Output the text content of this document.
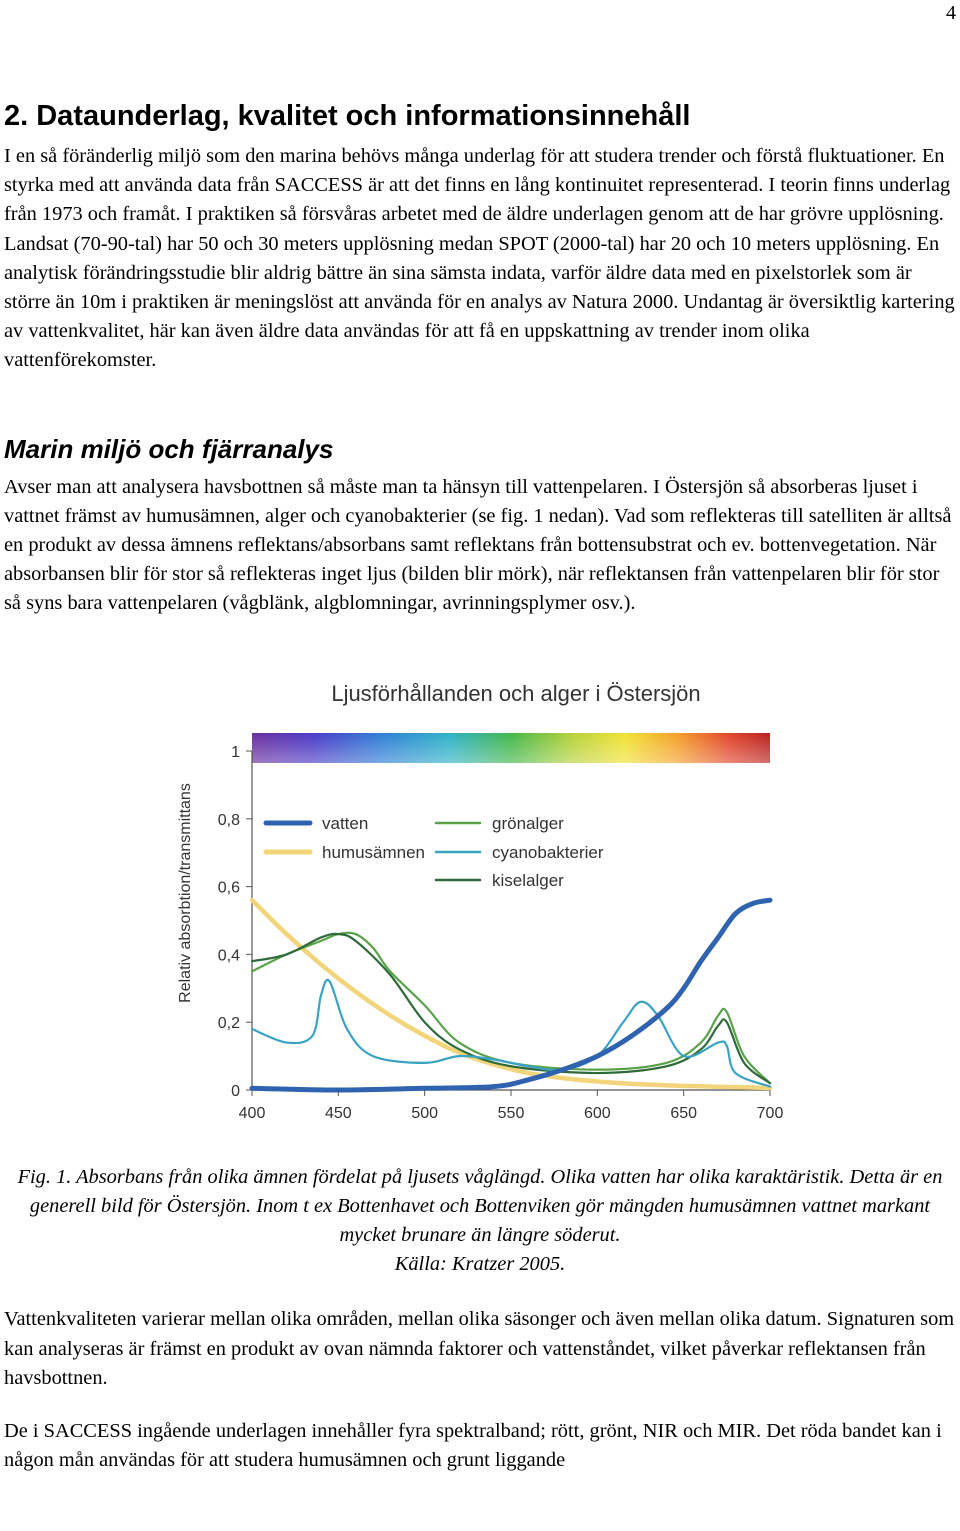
4
2. Dataunderlag, kvalitet och informationsinnehåll

I en så föränderlig miljö som den marina behövs många underlag för att studera trender och förstå fluktuationer. En styrka med att använda data från SACCESS är att det finns en lång kontinuitet representerad. I teorin finns underlag från 1973 och framåt. I praktiken så försvåras arbetet med de äldre underlagen genom att de har grövre upplösning. Landsat (70-90-tal) har 50 och 30 meters upplösning medan SPOT (2000-tal) har 20 och 10 meters upplösning. En analytisk förändringsstudie blir aldrig bättre än sina sämsta indata, varför äldre data med en pixelstorlek som är större än 10m i praktiken är meningslöst att använda för en analys av Natura 2000. Undantag är översiktlig kartering av vattenkvalitet, här kan även äldre data användas för att få en uppskattning av trender inom olika vattenförekomster.

Marin miljö och fjärranalys

Avser man att analysera havsbottnen så måste man ta hänsyn till vattenpelaren. I Östersjön så absorberas ljuset i vattnet främst av humusämnen, alger och cyanobakterier (se fig. 1 nedan). Vad som reflekteras till satelliten är alltså en produkt av dessa ämnens reflektans/absorbans samt reflektans från bottensubstrat och ev. bottenvegetation. När absorbansen blir för stor så reflekteras inget ljus (bilden blir mörk), när reflektansen från vattenpelaren blir för stor så syns bara vattenpelaren (vågblänk, algblomningar, avrinningsplymer osv.).

Ljusförhållanden och alger i Östersjön
Relativ absorbtion/transmittans
0
0,2
0,4
0,6
0,8
1
400	450	500	550	600	650	700
vatten
humusämnen
grönalger
cyanobakterier
kiselalger

Fig. 1. Absorbans från olika ämnen fördelat på ljusets våglängd. Olika vatten har olika karaktäristik. Detta är en generell bild för Östersjön. Inom t ex Bottenhavet och Bottenviken gör mängden humusämnen vattnet markant mycket brunare än längre söderut.
Källa: Kratzer 2005.

Vattenkvaliteten varierar mellan olika områden, mellan olika säsonger och även mellan olika datum. Signaturen som kan analyseras är främst en produkt av ovan nämnda faktorer och vattenståndet, vilket påverkar reflektansen från havsbottnen.

De i SACCESS ingående underlagen innehåller fyra spektralband; rött, grönt, NIR och MIR. Det röda bandet kan i någon mån användas för att studera humusämnen och grunt liggande
